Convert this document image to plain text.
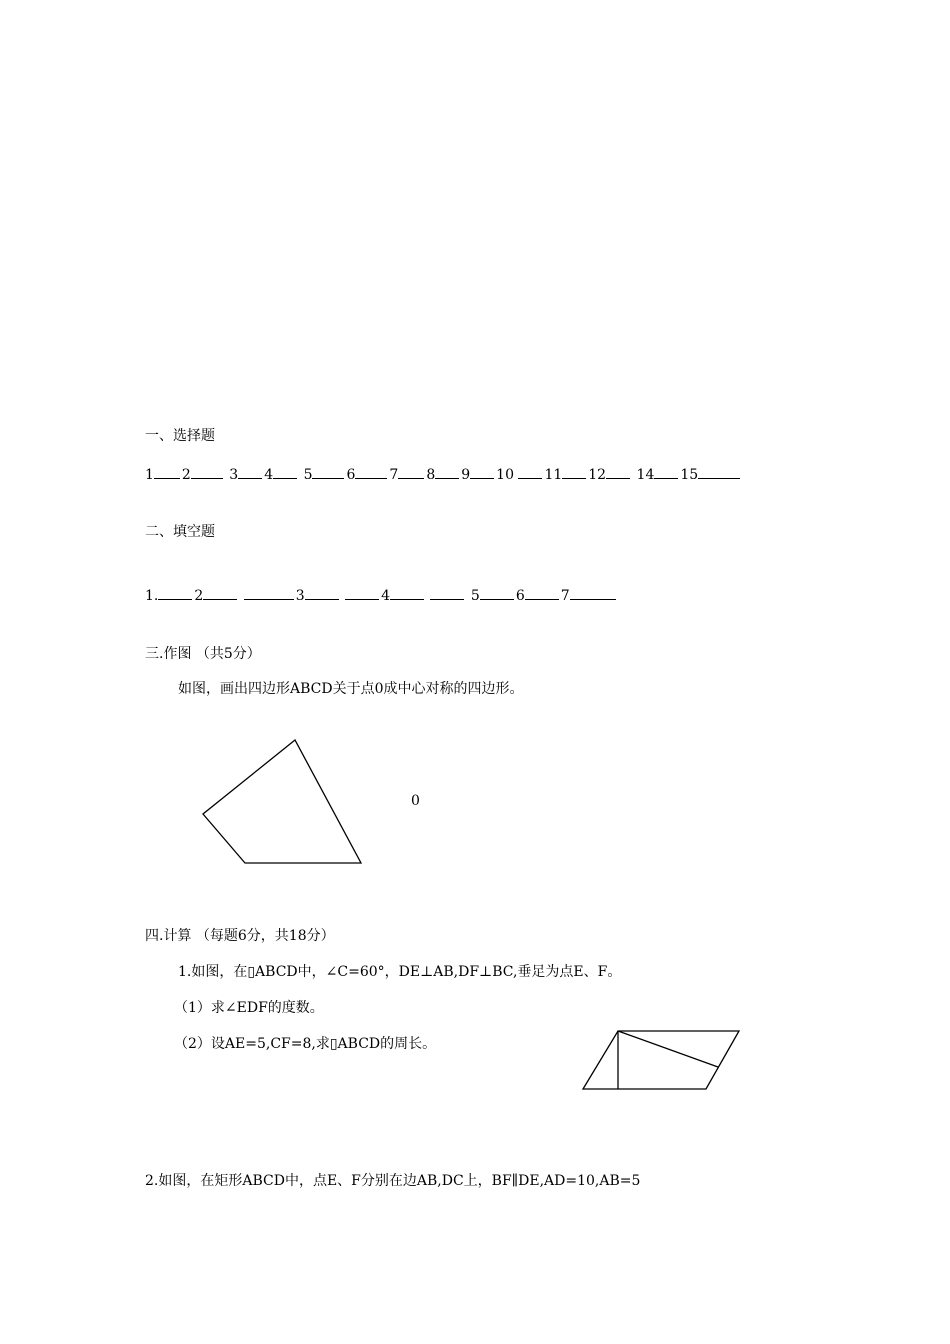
一、选择题
1 2 3 4 5 6 7 8 9 10 11 12 14 15
二、填空题
1.	2
	3
	4
	5	6	7
三.作图 （共5分）
如图，画出四边形ABCD关于点0成中心对称的四边形。
0
四.计算 （每题6分，共18分）
1.如图，在▯ABCD中，∠C=60°，DE⊥AB,DF⊥BC,垂足为点E、F。
（1）求∠EDF的度数。
（2）设AE=5,CF=8,求▯ABCD的周长。
2.如图，在矩形ABCD中，点E、F分别在边AB,DC上，BF∥DE,AD=10,AB=5
